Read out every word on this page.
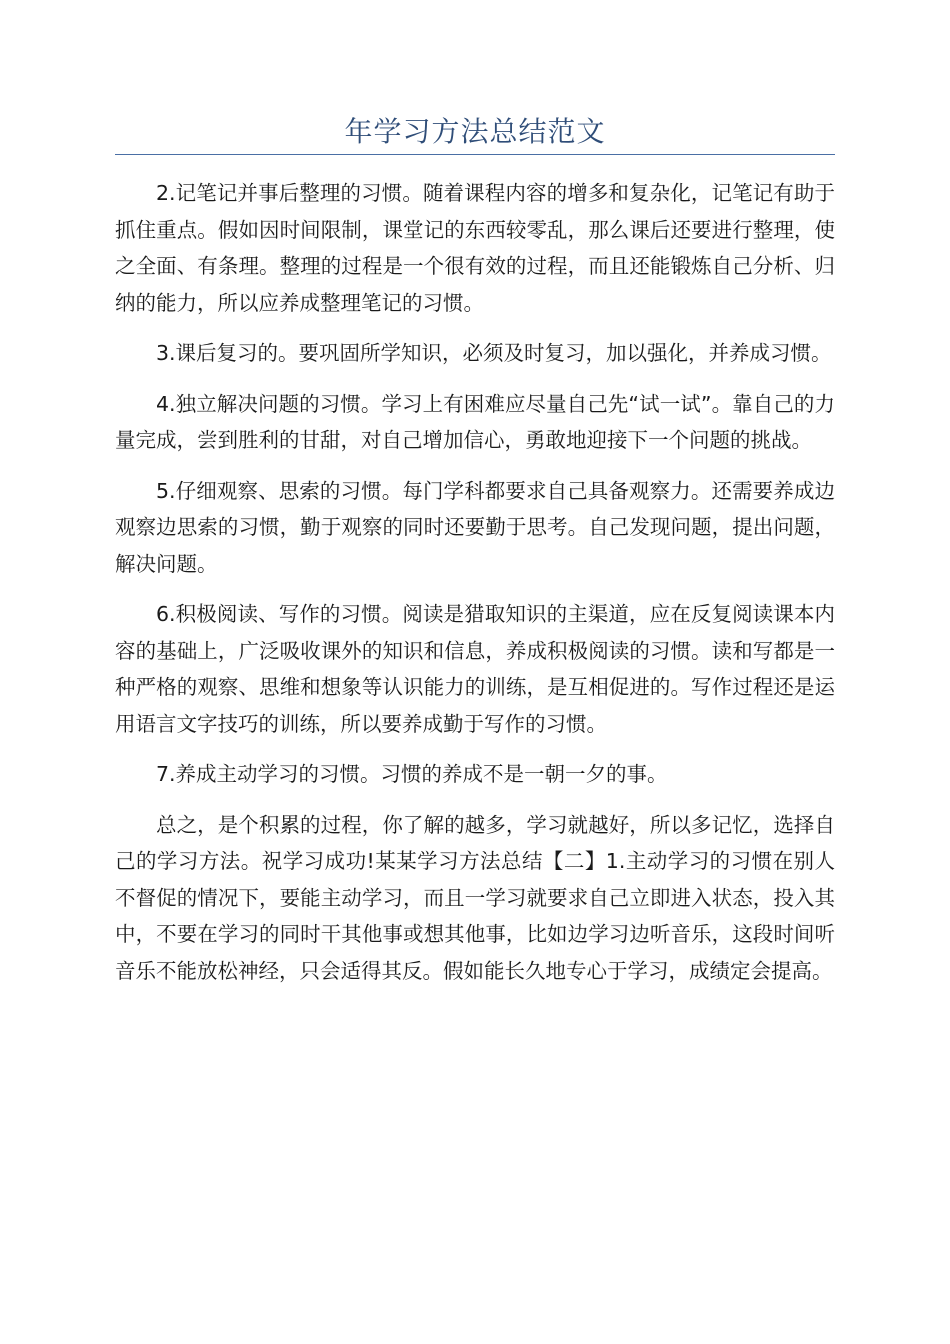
年学习方法总结范文

2.记笔记并事后整理的习惯。随着课程内容的增多和复杂化，记笔记有助于抓住重点。假如因时间限制，课堂记的东西较零乱，那么课后还要进行整理，使之全面、有条理。整理的过程是一个很有效的过程，而且还能锻炼自己分析、归纳的能力，所以应养成整理笔记的习惯。

3.课后复习的。要巩固所学知识，必须及时复习，加以强化，并养成习惯。

4.独立解决问题的习惯。学习上有困难应尽量自己先“试一试”。靠自己的力量完成，尝到胜利的甘甜，对自己增加信心，勇敢地迎接下一个问题的挑战。

5.仔细观察、思索的习惯。每门学科都要求自己具备观察力。还需要养成边观察边思索的习惯，勤于观察的同时还要勤于思考。自己发现问题，提出问题，解决问题。

6.积极阅读、写作的习惯。阅读是猎取知识的主渠道，应在反复阅读课本内容的基础上，广泛吸收课外的知识和信息，养成积极阅读的习惯。读和写都是一种严格的观察、思维和想象等认识能力的训练，是互相促进的。写作过程还是运用语言文字技巧的训练，所以要养成勤于写作的习惯。

7.养成主动学习的习惯。习惯的养成不是一朝一夕的事。

总之，是个积累的过程，你了解的越多，学习就越好，所以多记忆，选择自己的学习方法。祝学习成功!某某学习方法总结【二】1.主动学习的习惯在别人不督促的情况下，要能主动学习，而且一学习就要求自己立即进入状态，投入其中，不要在学习的同时干其他事或想其他事，比如边学习边听音乐，这段时间听音乐不能放松神经，只会适得其反。假如能长久地专心于学习，成绩定会提高。
